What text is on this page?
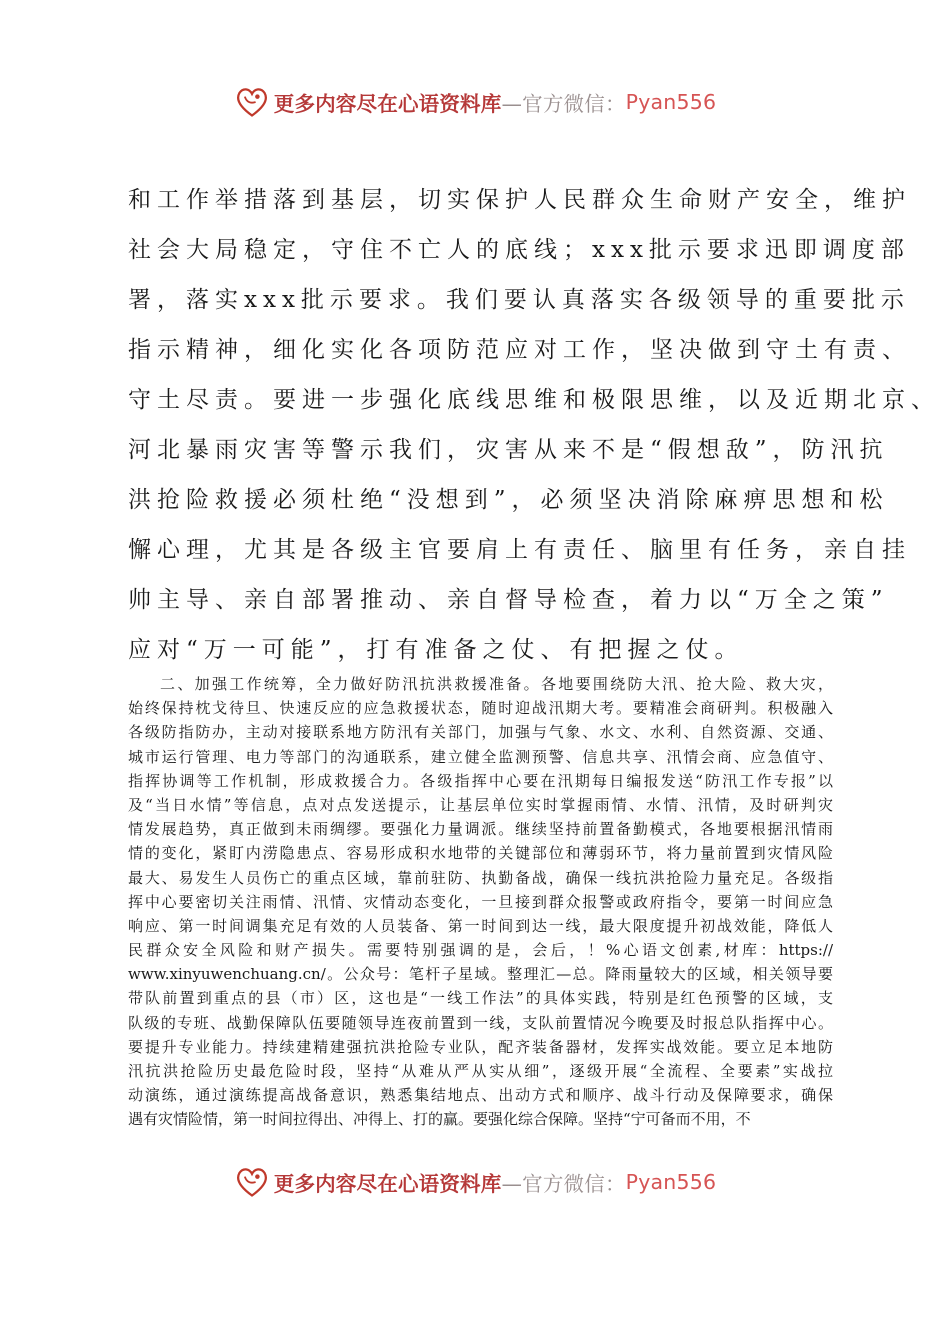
更多内容尽在心语资料库 —官方微信： Pyan556
和工作举措落到基层，切实保护人民群众生命财产安全，维护
社会大局稳定，守住不亡人的底线；xxx批示要求迅即调度部
署，落实xxx批示要求。我们要认真落实各级领导的重要批示
指示精神，细化实化各项防范应对工作，坚决做到守土有责、
守土尽责。要进一步强化底线思维和极限思维，以及近期北京、
河北暴雨灾害等警示我们，灾害从来不是“假想敌”，防汛抗
洪抢险救援必须杜绝“没想到”，必须坚决消除麻痹思想和松
懈心理，尤其是各级主官要肩上有责任、脑里有任务，亲自挂
帅主导、亲自部署推动、亲自督导检查，着力以“万全之策”
应对“万一可能”，打有准备之仗、有把握之仗。
二、加强工作统筹，全力做好防汛抗洪救援准备。各地要围绕防大汛、抢大险、救大灾，
始终保持枕戈待旦、快速反应的应急救援状态，随时迎战汛期大考。要精准会商研判。积极融入
各级防指防办，主动对接联系地方防汛有关部门，加强与气象、水文、水利、自然资源、交通、
城市运行管理、电力等部门的沟通联系，建立健全监测预警、信息共享、汛情会商、应急值守、
指挥协调等工作机制，形成救援合力。各级指挥中心要在汛期每日编报发送“防汛工作专报”以
及“当日水情”等信息，点对点发送提示，让基层单位实时掌握雨情、水情、汛情，及时研判灾
情发展趋势，真正做到未雨绸缪。要强化力量调派。继续坚持前置备勤模式，各地要根据汛情雨
情的变化，紧盯内涝隐患点、容易形成积水地带的关键部位和薄弱环节，将力量前置到灾情风险
最大、易发生人员伤亡的重点区域，靠前驻防、执勤备战，确保一线抗洪抢险力量充足。各级指
挥中心要密切关注雨情、汛情、灾情动态变化，一旦接到群众报警或政府指令，要第一时间应急
响应、第一时间调集充足有效的人员装备、第一时间到达一线，最大限度提升初战效能，降低人
民群众安全风险和财产损失。需要特别强调的是，会后，！%心语文创素,材库：https://
www.xinyuwenchuang.cn/。公众号：笔杆子星域。整理汇—总。降雨量较大的区域，相关领导要
带队前置到重点的县（市）区，这也是“一线工作法”的具体实践，特别是红色预警的区域，支
队级的专班、战勤保障队伍要随领导连夜前置到一线，支队前置情况今晚要及时报总队指挥中心。
要提升专业能力。持续建精建强抗洪抢险专业队，配齐装备器材，发挥实战效能。要立足本地防
汛抗洪抢险历史最危险时段，坚持“从难从严从实从细”，逐级开展“全流程、全要素”实战拉
动演练，通过演练提高战备意识，熟悉集结地点、出动方式和顺序、战斗行动及保障要求，确保
遇有灾情险情，第一时间拉得出、冲得上、打的赢。要强化综合保障。坚持“宁可备而不用，不
更多内容尽在心语资料库 —官方微信： Pyan556
